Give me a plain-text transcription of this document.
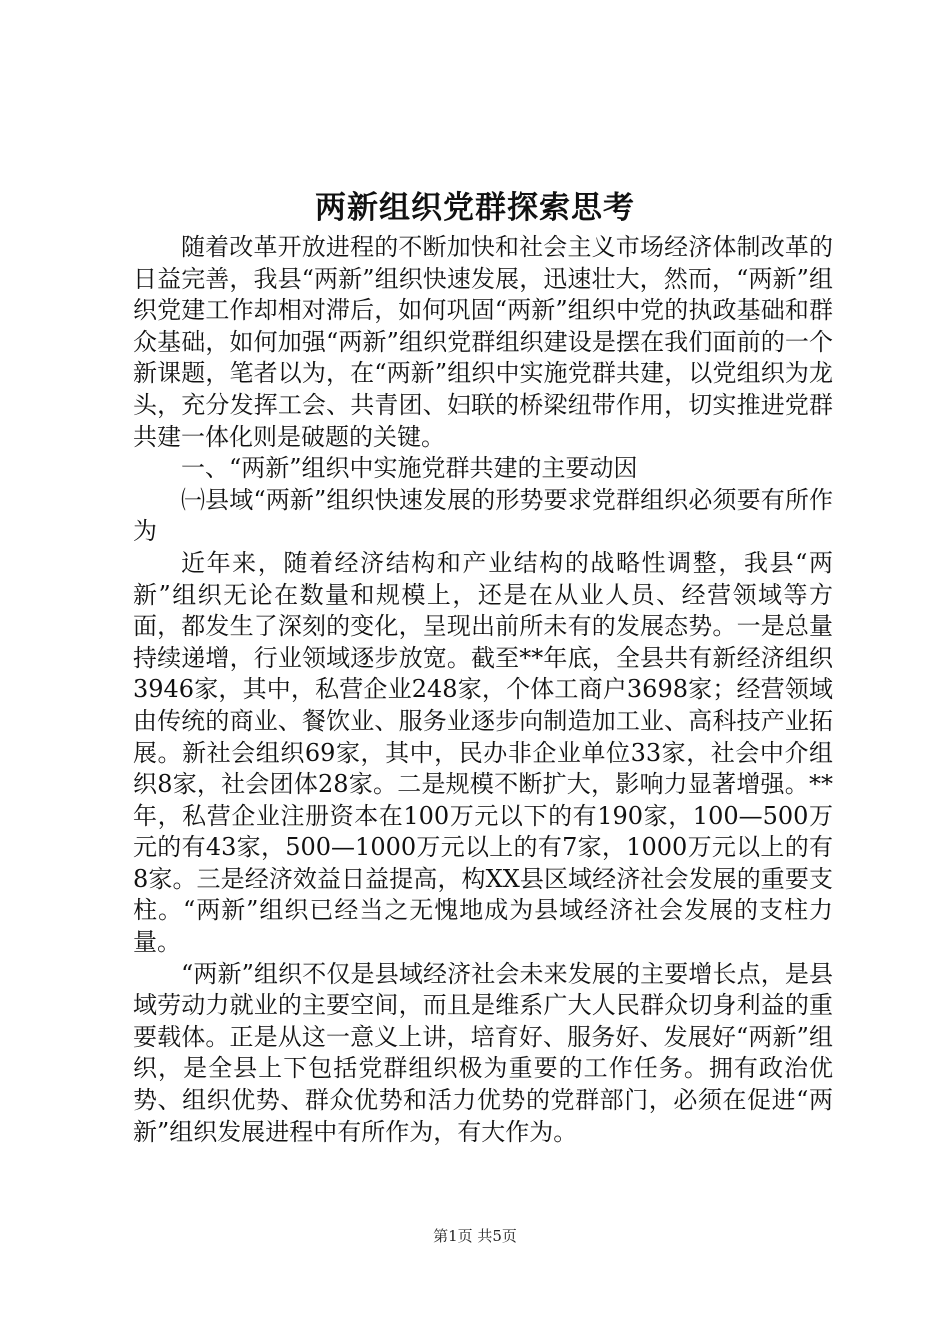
两新组织党群探索思考

随着改革开放进程的不断加快和社会主义市场经济体制改革的日益完善，我县“两新”组织快速发展，迅速壮大，然而，“两新”组织党建工作却相对滞后，如何巩固“两新”组织中党的执政基础和群众基础，如何加强“两新”组织党群组织建设是摆在我们面前的一个新课题，笔者以为，在“两新”组织中实施党群共建，以党组织为龙头，充分发挥工会、共青团、妇联的桥梁纽带作用，切实推进党群共建一体化则是破题的关键。

一、“两新”组织中实施党群共建的主要动因

㈠县域“两新”组织快速发展的形势要求党群组织必须要有所作为

近年来，随着经济结构和产业结构的战略性调整，我县“两新”组织无论在数量和规模上，还是在从业人员、经营领域等方面，都发生了深刻的变化，呈现出前所未有的发展态势。一是总量持续递增，行业领域逐步放宽。截至**年底，全县共有新经济组织3946家，其中，私营企业248家，个体工商户3698家；经营领域由传统的商业、餐饮业、服务业逐步向制造加工业、高科技产业拓展。新社会组织69家，其中，民办非企业单位33家，社会中介组织8家，社会团体28家。二是规模不断扩大，影响力显著增强。**年，私营企业注册资本在100万元以下的有190家，100—500万元的有43家，500—1000万元以上的有7家，1000万元以上的有8家。三是经济效益日益提高，构XX县区域经济社会发展的重要支柱。“两新”组织已经当之无愧地成为县域经济社会发展的支柱力量。

“两新”组织不仅是县域经济社会未来发展的主要增长点，是县域劳动力就业的主要空间，而且是维系广大人民群众切身利益的重要载体。正是从这一意义上讲，培育好、服务好、发展好“两新”组织，是全县上下包括党群组织极为重要的工作任务。拥有政治优势、组织优势、群众优势和活力优势的党群部门，必须在促进“两新”组织发展进程中有所作为，有大作为。

第1页 共5页
